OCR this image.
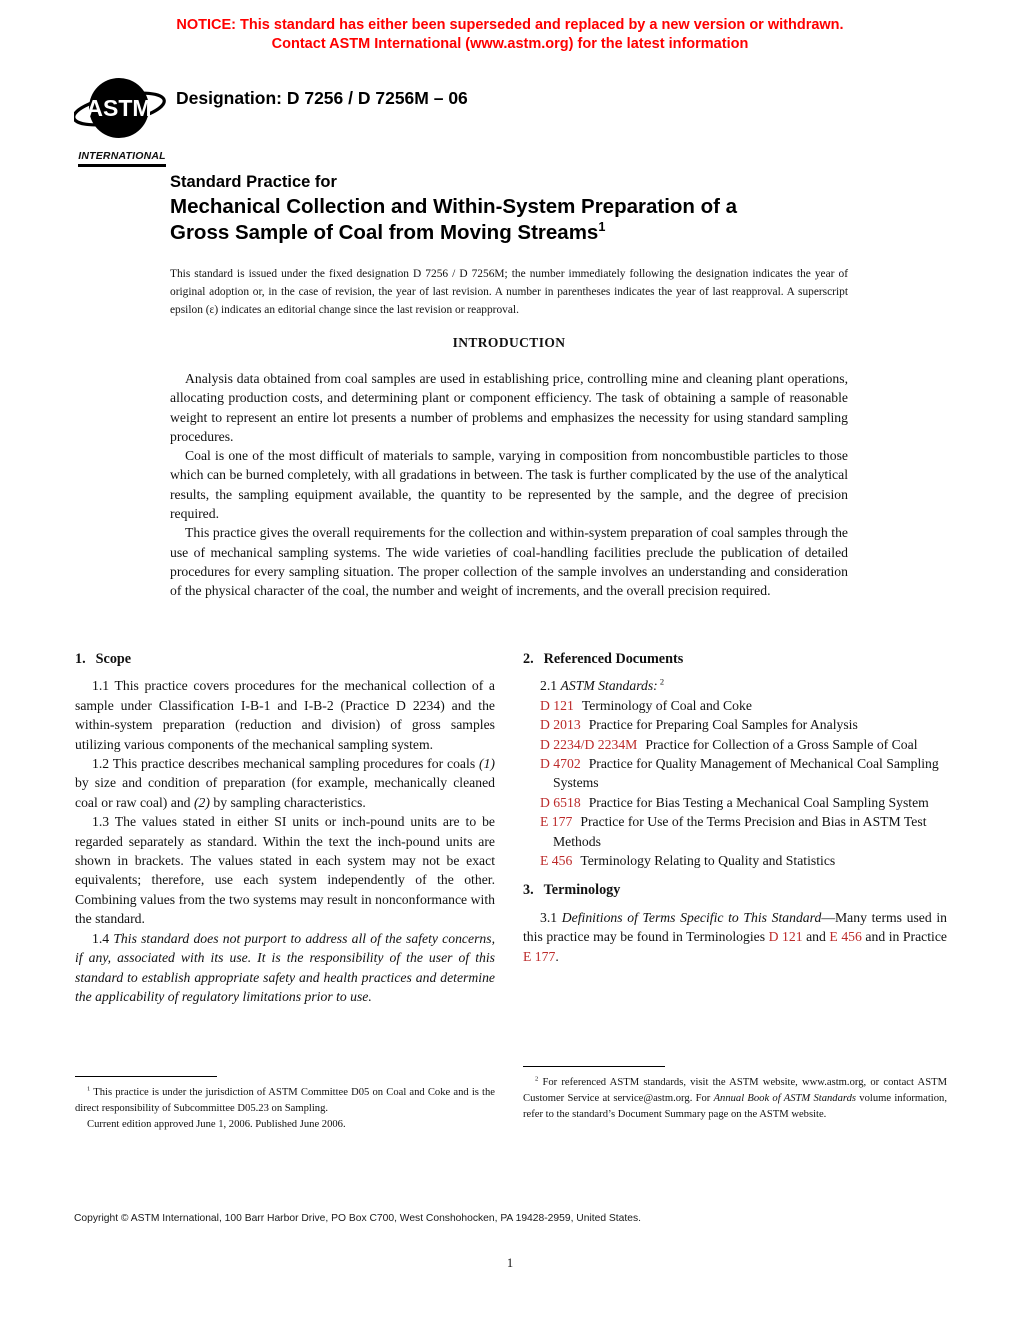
NOTICE: This standard has either been superseded and replaced by a new version or withdrawn.
Contact ASTM International (www.astm.org) for the latest information
ASTM
INTERNATIONAL
Designation: D 7256 / D 7256M – 06
Standard Practice for
Mechanical Collection and Within-System Preparation of a
Gross Sample of Coal from Moving Streams$^1$
This standard is issued under the fixed designation D 7256 / D 7256M; the number immediately following the designation indicates the year of original adoption or, in the case of revision, the year of last revision. A number in parentheses indicates the year of last reapproval. A superscript epsilon (ε) indicates an editorial change since the last revision or reapproval.
INTRODUCTION

Analysis data obtained from coal samples are used in establishing price, controlling mine and cleaning plant operations, allocating production costs, and determining plant or component efficiency. The task of obtaining a sample of reasonable weight to represent an entire lot presents a number of problems and emphasizes the necessity for using standard sampling procedures.

Coal is one of the most difficult of materials to sample, varying in composition from noncombustible particles to those which can be burned completely, with all gradations in between. The task is further complicated by the use of the analytical results, the sampling equipment available, the quantity to be represented by the sample, and the degree of precision required.

This practice gives the overall requirements for the collection and within-system preparation of coal samples through the use of mechanical sampling systems. The wide varieties of coal-handling facilities preclude the publication of detailed procedures for every sampling situation. The proper collection of the sample involves an understanding and consideration of the physical character of the coal, the number and weight of increments, and the overall precision required.

1. Scope

1.1 This practice covers procedures for the mechanical collection of a sample under Classification I-B-1 and I-B-2 (Practice D 2234) and the within-system preparation (reduction and division) of gross samples utilizing various components of the mechanical sampling system.

1.2 This practice describes mechanical sampling procedures for coals (1) by size and condition of preparation (for example, mechanically cleaned coal or raw coal) and (2) by sampling characteristics.

1.3 The values stated in either SI units or inch-pound units are to be regarded separately as standard. Within the text the inch-pound units are shown in brackets. The values stated in each system may not be exact equivalents; therefore, use each system independently of the other. Combining values from the two systems may result in nonconformance with the standard.

1.4 This standard does not purport to address all of the safety concerns, if any, associated with its use. It is the responsibility of the user of this standard to establish appropriate safety and health practices and determine the applicability of regulatory limitations prior to use.

2. Referenced Documents

2.1 ASTM Standards: $^2$

D 121 Terminology of Coal and Coke

D 2013 Practice for Preparing Coal Samples for Analysis

D 2234/D 2234M Practice for Collection of a Gross Sample of Coal

D 4702 Practice for Quality Management of Mechanical Coal Sampling Systems

D 6518 Practice for Bias Testing a Mechanical Coal Sampling System

E 177 Practice for Use of the Terms Precision and Bias in ASTM Test Methods

E 456 Terminology Relating to Quality and Statistics

3. Terminology

3.1 Definitions of Terms Specific to This Standard—Many terms used in this practice may be found in Terminologies D 121 and E 456 and in Practice E 177.

$^1$ This practice is under the jurisdiction of ASTM Committee D05 on Coal and Coke and is the direct responsibility of Subcommittee D05.23 on Sampling.

Current edition approved June 1, 2006. Published June 2006.

$^2$ For referenced ASTM standards, visit the ASTM website, www.astm.org, or contact ASTM Customer Service at service@astm.org. For Annual Book of ASTM Standards volume information, refer to the standard’s Document Summary page on the ASTM website.

Copyright © ASTM International, 100 Barr Harbor Drive, PO Box C700, West Conshohocken, PA 19428-2959, United States.
1
